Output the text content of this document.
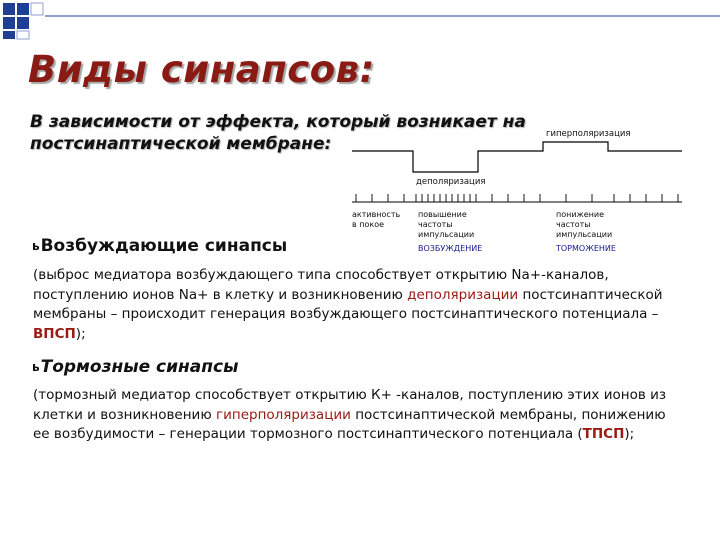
Виды синапсов:
В зависимости от эффекта, который возникает на
постсинаптической мембране:	гиперполяризация
деполяризация
активность
в покое
повышение
частоты
импульсации
понижение
частоты
импульсации
ВОЗБУЖДЕНИЕ	ТОРМОЖЕНИЕ
ьВозбуждающие синапсы
(выброс медиатора возбуждающего типа способствует открытию Na+-каналов,
поступлению ионов Na+ в клетку и возникновению деполяризации постсинаптической
мембраны – происходит генерация возбуждающего постсинаптического потенциала –
ВПСП);
ьТормозные синапсы
(тормозный медиатор способствует открытию К+ -каналов, поступлению этих ионов из
клетки и возникновению гиперполяризации постсинаптической мембраны, понижению
ее возбудимости – генерации тормозного постсинаптического потенциала (ТПСП);
